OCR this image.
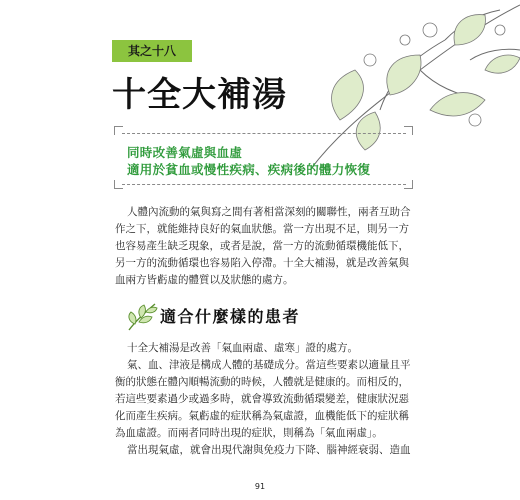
其之十八
十全大補湯
同時改善氣虛與血虛
適用於貧血或慢性疾病、疾病後的體力恢復
人體內流動的氣與寫之間有著相當深刻的關聯性，兩者互助合
作之下，就能維持良好的氣血狀態。當一方出現不足，則另一方
也容易產生缺乏現象，或者是說，當一方的流動循環機能低下，
另一方的流動循環也容易陷入停滯。十全大補湯，就是改善氣與
血兩方皆虧虛的體質以及狀態的處方。
適合什麼樣的患者
十全大補湯是改善「氣血兩虛、虛寒」證的處方。
氣、血、津液是構成人體的基礎成分。當這些要素以適量且平
衡的狀態在體內順暢流動的時候，人體就是健康的。而相反的，
若這些要素過少或過多時，就會導致流動循環變差，健康狀況惡
化而產生疾病。氣虧虛的症狀稱為氣虛證，血機能低下的症狀稱
為血虛證。而兩者同時出現的症狀，則稱為「氣血兩虛」。
當出現氣虛，就會出現代謝與免疫力下降、腦神經衰弱、造血
91
